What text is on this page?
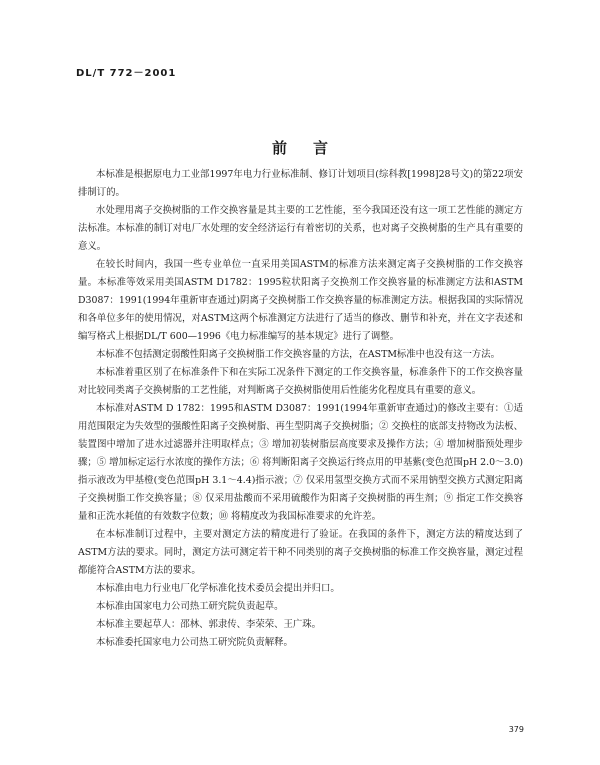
DL/T 772－2001
前 言

本标准是根据原电力工业部1997年电力行业标准制、修订计划项目(综科教[1998]28号文)的第22项安排制订的。

水处理用离子交换树脂的工作交换容量是其主要的工艺性能，至今我国还没有这一项工艺性能的测定方法标准。本标准的制订对电厂水处理的安全经济运行有着密切的关系，也对离子交换树脂的生产具有重要的意义。

在较长时间内，我国一些专业单位一直采用美国ASTM的标准方法来测定离子交换树脂的工作交换容量。本标准等效采用美国ASTM D1782：1995粒状阳离子交换剂工作交换容量的标准测定方法和ASTM D3087：1991(1994年重新审查通过)阴离子交换树脂工作交换容量的标准测定方法。根据我国的实际情况和各单位多年的使用情况，对ASTM这两个标准测定方法进行了适当的修改、删节和补充，并在文字表述和编写格式上根据DL/T 600—1996《电力标准编写的基本规定》进行了调整。

本标准不包括测定弱酸性阳离子交换树脂工作交换容量的方法，在ASTM标准中也没有这一方法。

本标准着重区别了在标准条件下和在实际工况条件下测定的工作交换容量，标准条件下的工作交换容量对比较同类离子交换树脂的工艺性能，对判断离子交换树脂使用后性能劣化程度具有重要的意义。

本标准对ASTM D 1782：1995和ASTM D3087：1991(1994年重新审查通过)的修改主要有：①适用范围限定为失效型的强酸性阳离子交换树脂、再生型阴离子交换树脂；② 交换柱的底部支持物改为法板、装置图中增加了进水过滤器并注明取样点；③ 增加初装树脂层高度要求及操作方法；④ 增加树脂预处理步骤；⑤ 增加标定运行水浓度的操作方法；⑥ 将判断阳离子交换运行终点用的甲基紫(变色范围pH 2.0～3.0)指示液改为甲基橙(变色范围pH 3.1～4.4)指示液；⑦ 仅采用氢型交换方式而不采用钠型交换方式测定阳离子交换树脂工作交换容量；⑧ 仅采用盐酸而不采用硫酸作为阳离子交换树脂的再生剂；⑨ 指定工作交换容量和正洗水耗值的有效数字位数；⑩ 将精度改为我国标准要求的允许差。

在本标准制订过程中，主要对测定方法的精度进行了验证。在我国的条件下，测定方法的精度达到了ASTM方法的要求。同时，测定方法可测定若干种不同类别的离子交换树脂的标准工作交换容量，测定过程都能符合ASTM方法的要求。

本标准由电力行业电厂化学标准化技术委员会提出并归口。

本标准由国家电力公司热工研究院负责起草。

本标准主要起草人：邵林、郭隶传、李荣荣、王广珠。

本标准委托国家电力公司热工研究院负责解释。

379
